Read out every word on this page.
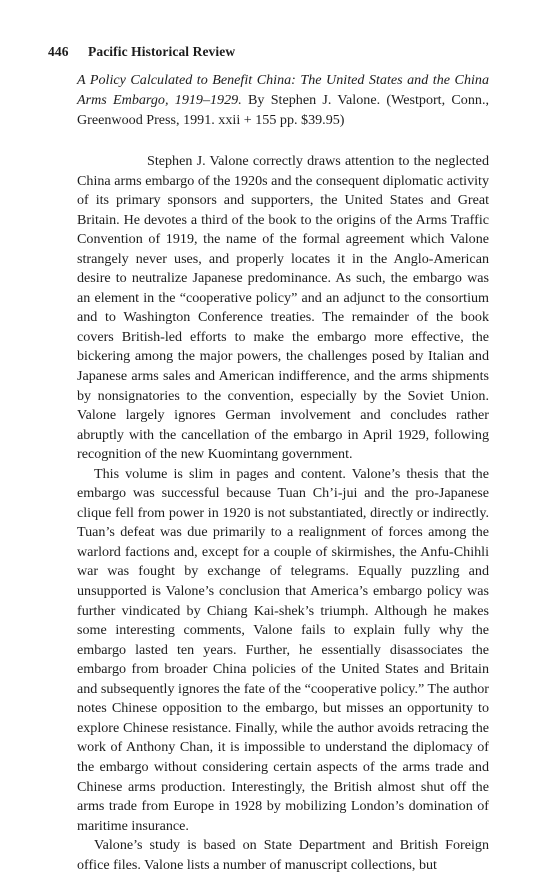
446 Pacific Historical Review
A Policy Calculated to Benefit China: The United States and the China Arms Embargo, 1919–1929. By Stephen J. Valone. (Westport, Conn., Greenwood Press, 1991. xxii + 155 pp. $39.95)

Stephen J. Valone correctly draws attention to the neglected China arms embargo of the 1920s and the consequent diplomatic activity of its primary sponsors and supporters, the United States and Great Britain. He devotes a third of the book to the origins of the Arms Traffic Convention of 1919, the name of the formal agreement which Valone strangely never uses, and properly locates it in the Anglo-American desire to neutralize Japanese predominance. As such, the embargo was an element in the “cooperative policy” and an adjunct to the consortium and to Washington Conference treaties. The remainder of the book covers British-led efforts to make the embargo more effective, the bickering among the major powers, the challenges posed by Italian and Japanese arms sales and American indifference, and the arms shipments by nonsignatories to the convention, especially by the Soviet Union. Valone largely ignores German involvement and concludes rather abruptly with the cancellation of the embargo in April 1929, following recognition of the new Kuomintang government.

This volume is slim in pages and content. Valone’s thesis that the embargo was successful because Tuan Ch’i-jui and the pro-Japanese clique fell from power in 1920 is not substantiated, directly or indirectly. Tuan’s defeat was due primarily to a realignment of forces among the warlord factions and, except for a couple of skirmishes, the Anfu-Chihli war was fought by exchange of telegrams. Equally puzzling and unsupported is Valone’s conclusion that America’s embargo policy was further vindicated by Chiang Kai-shek’s triumph. Although he makes some interesting comments, Valone fails to explain fully why the embargo lasted ten years. Further, he essentially disassociates the embargo from broader China policies of the United States and Britain and subsequently ignores the fate of the “cooperative policy.” The author notes Chinese opposition to the embargo, but misses an opportunity to explore Chinese resistance. Finally, while the author avoids retracing the work of Anthony Chan, it is impossible to understand the diplomacy of the embargo without considering certain aspects of the arms trade and Chinese arms production. Interestingly, the British almost shut off the arms trade from Europe in 1928 by mobilizing London’s domination of maritime insurance.

Valone’s study is based on State Department and British Foreign office files. Valone lists a number of manuscript collections, but
